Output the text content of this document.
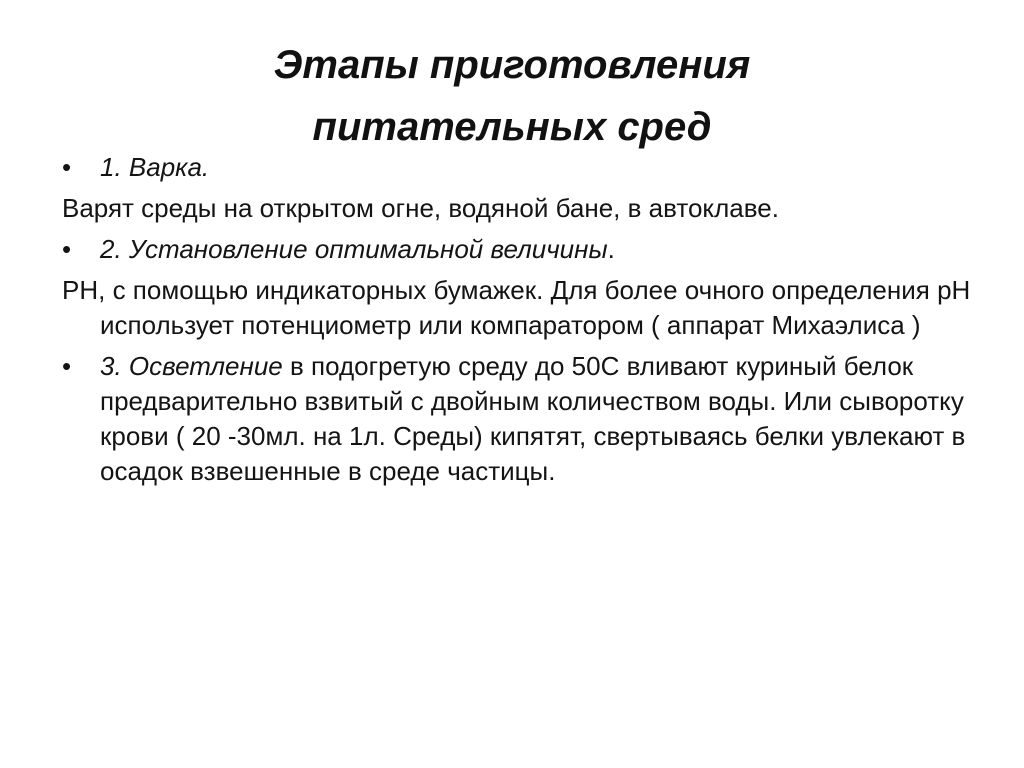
Этапы приготовления
питательных сред
•	1. Варка.
Варят среды на открытом огне, водяной бане, в автоклаве.
•	2. Установление оптимальной величины.
РН, с помощью индикаторных бумажек. Для более очного определения рН использует потенциометр или компаратором ( аппарат Михаэлиса )
•	3. Осветление в подогретую среду до 50С вливают куриный белок предварительно взвитый с двойным количеством воды. Или сыворотку крови ( 20 -30мл. на 1л. Среды) кипятят, свертываясь белки увлекают в осадок взвешенные в среде частицы.
